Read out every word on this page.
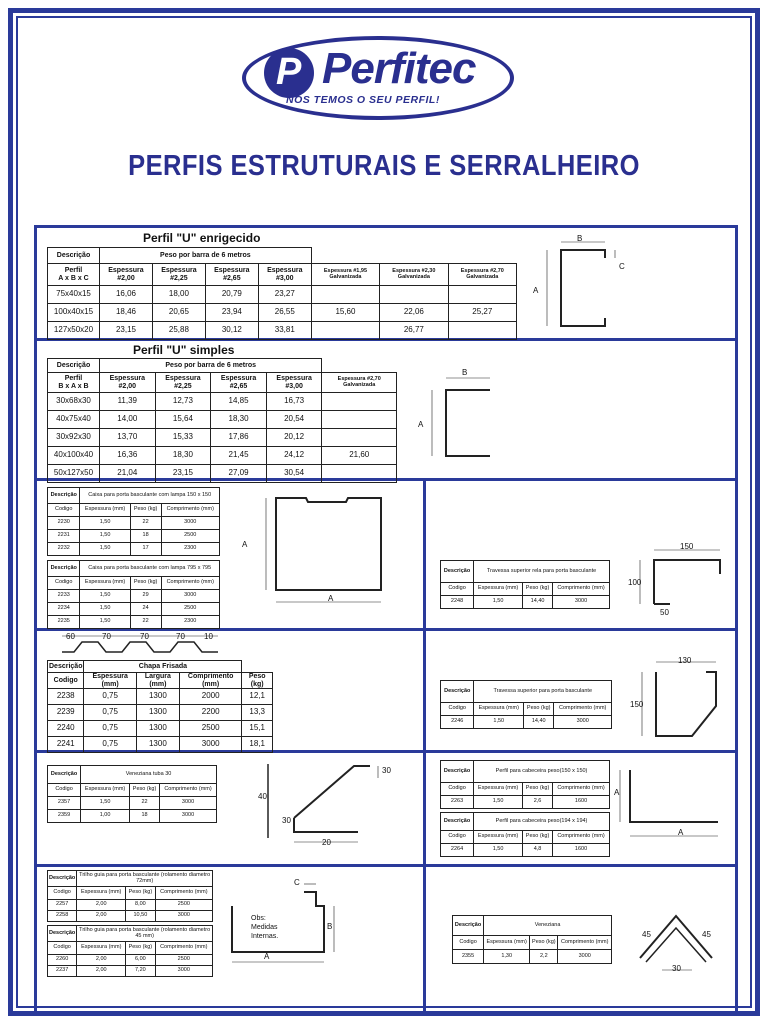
P
Perfitec
NÓS TEMOS O SEU PERFIL!
PERFIS ESTRUTURAIS E SERRALHEIRO
Perfil "U" enrigecido
Descrição	Peso por barra de 6 metros						
Perfil
A x B x C	Espessura #2,00	Espessura #2,25	Espessura #2,65	Espessura #3,00	Espessura #1,95 Galvanizada	Espessura #2,30 Galvanizada	Espessura #2,70 Galvanizada
75x40x15	16,06	18,00	20,79	23,27			
100x40x15	18,46	20,65	23,94	26,55	15,60	22,06	25,27
127x50x20	23,15	25,88	30,12	33,81		26,77	
B
A
C
Perfil "U" simples
Descrição	Peso por barra de 6 metros				
Perfil
B x A x B	Espessura #2,00	Espessura #2,25	Espessura #2,65	Espessura #3,00	Espessura #2,70 Galvanizada
30x68x30	11,39	12,73	14,85	16,73	
40x75x40	14,00	15,64	18,30	20,54	
30x92x30	13,70	15,33	17,86	20,12	
40x100x40	16,36	18,30	21,45	24,12	21,60
50x127x50	21,04	23,15	27,09	30,54	
B
A
Descrição	Caixa para porta basculante com lampa 150 x 150		
Codigo	Espessura (mm)	Peso (kg)	Comprimento (mm)
2230	1,50	22	3000
2231	1,50	18	2500
2232	1,50	17	2300
Descrição	Caixa para porta basculante com lampa 795 x 795		
Codigo	Espessura (mm)	Peso (kg)	Comprimento (mm)
2233	1,50	29	3000
2234	1,50	24	2500
2235	1,50	22	2300
A
A
Descrição	Travessa superior rela para porta basculante		
Codigo	Espessura (mm)	Peso (kg)	Comprimento (mm)
2248	1,50	14,40	3000
150
100
50
60	70	70	70 10
Descrição	Chapa Frisada			
Codigo	Espessura (mm)	Largura (mm)	Comprimento (mm)	Peso (kg)
2238	0,75	1300	2000	12,1
2239	0,75	1300	2200	13,3
2240	0,75	1300	2500	15,1
2241	0,75	1300	3000	18,1
Descrição	Travessa superior para porta basculante		
Codigo	Espessura (mm)	Peso (kg)	Comprimento (mm)
2246	1,50	14,40	3000
130
150
Descrição	Veneziana tuba 30		
Codigo	Espessura (mm)	Peso (kg)	Comprimento (mm)
2357	1,50	22	3000
2359	1,00	18	3000
30
40
30
20
Descrição	Perfil para cabeceira peso(150 x 150)		
Codigo	Espessura (mm)	Peso (kg)	Comprimento (mm)
2263	1,50	2,6	1600
Descrição	Perfil para cabeceira peso(194 x 194)		
Codigo	Espessura (mm)	Peso (kg)	Comprimento (mm)
2264	1,50	4,8	1600
A
A
Descrição	Trilho guia para porta basculante (rolamento diametro 72mm)		
Codigo	Espessura (mm)	Peso (kg)	Comprimento (mm)
2257	2,00	8,00	2500
2258	2,00	10,50	3000
Descrição	Trilho guia para porta basculante (rolamento diametro 45 mm)		
Codigo	Espessura (mm)	Peso (kg)	Comprimento (mm)
2260	2,00	6,00	2500
2237	2,00	7,20	3000
C
B
A
Obs:
Medidas
Internas.
Descrição	Veneziana		
Codigo	Espessura (mm)	Peso (kg)	Comprimento (mm)
2355	1,30	2,2	3000
45	45
30
